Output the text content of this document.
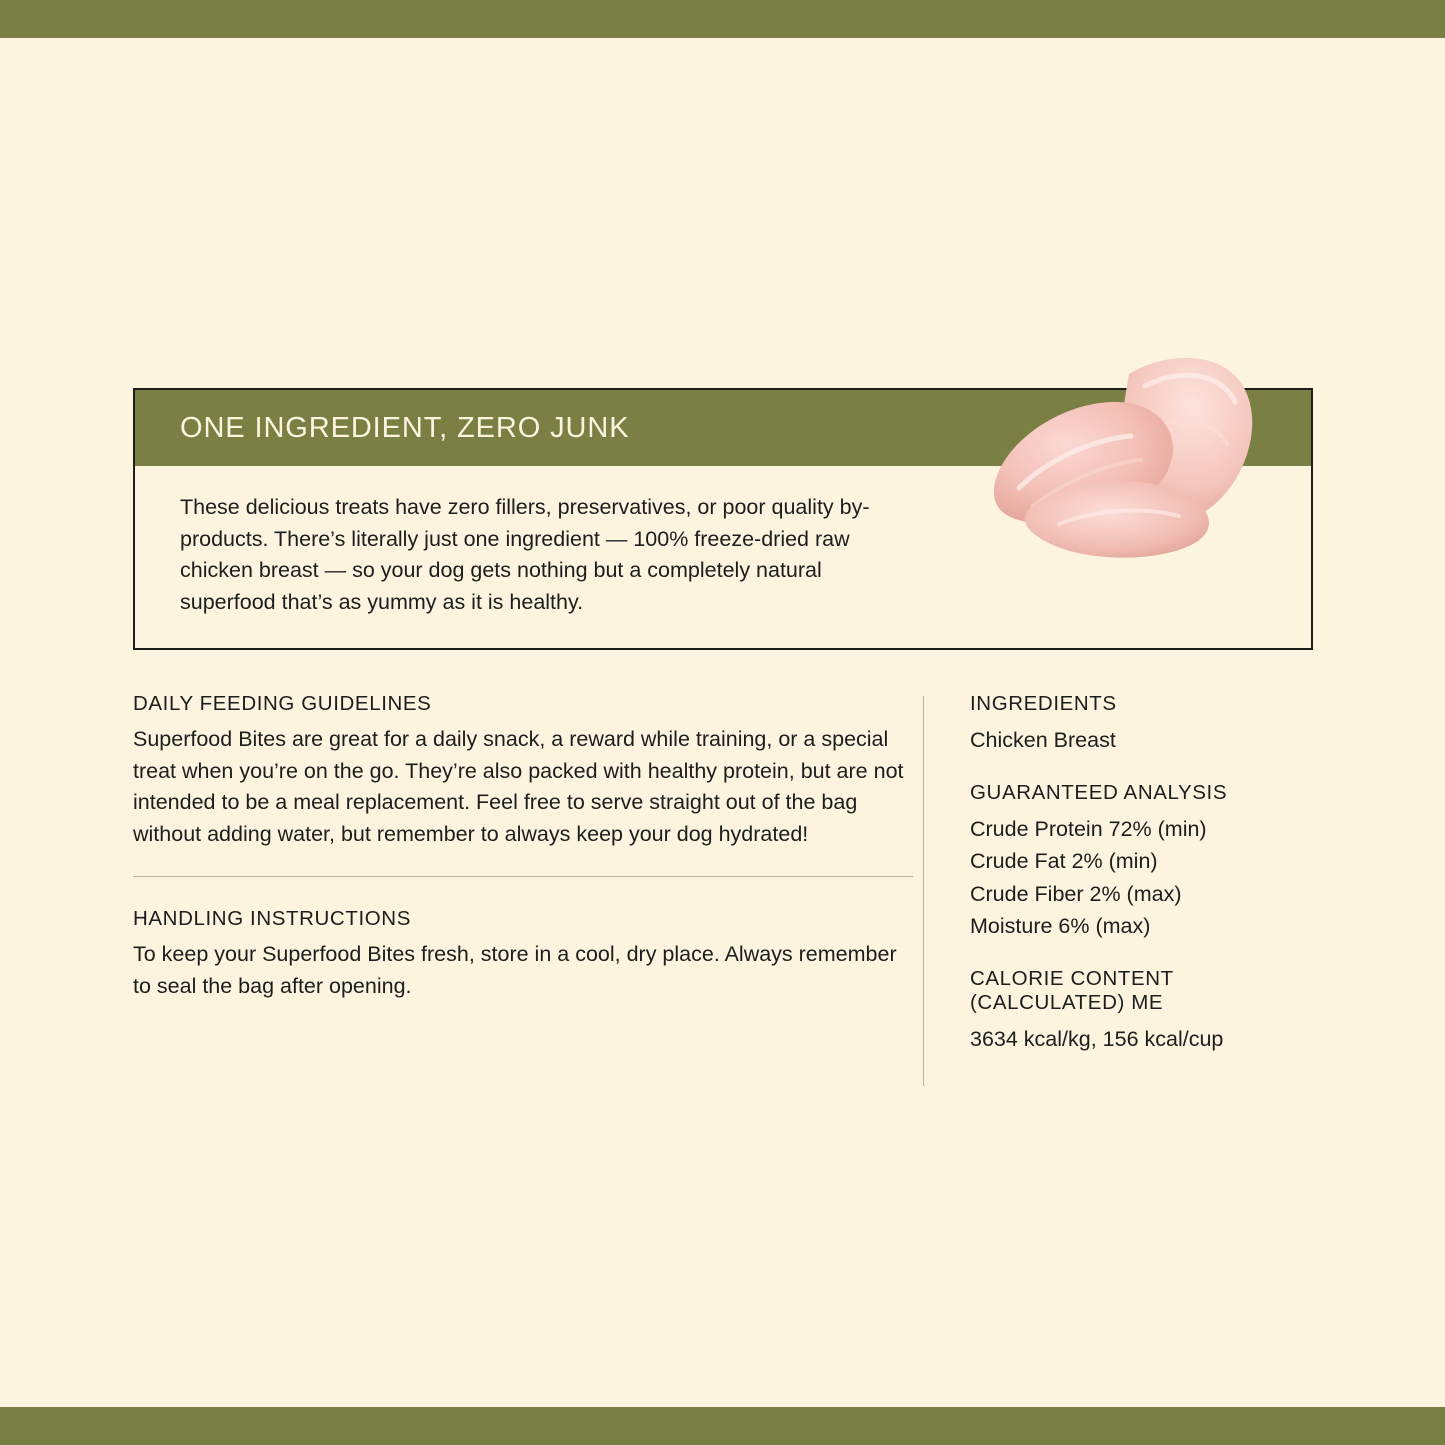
ONE INGREDIENT, ZERO JUNK

These delicious treats have zero fillers, preservatives, or poor quality by-products. There’s literally just one ingredient — 100% freeze-dried raw chicken breast — so your dog gets nothing but a completely natural superfood that’s as yummy as it is healthy.

DAILY FEEDING GUIDELINES

Superfood Bites are great for a daily snack, a reward while training, or a special treat when you’re on the go. They’re also packed with healthy protein, but are not intended to be a meal replacement. Feel free to serve straight out of the bag without adding water, but remember to always keep your dog hydrated!

HANDLING INSTRUCTIONS

To keep your Superfood Bites fresh, store in a cool, dry place. Always remember to seal the bag after opening.

INGREDIENTS
Chicken Breast
GUARANTEED ANALYSIS
Crude Protein 72% (min)
Crude Fat 2% (min)
Crude Fiber 2% (max)
Moisture 6% (max)
CALORIE CONTENT
(CALCULATED) ME
3634 kcal/kg, 156 kcal/cup
